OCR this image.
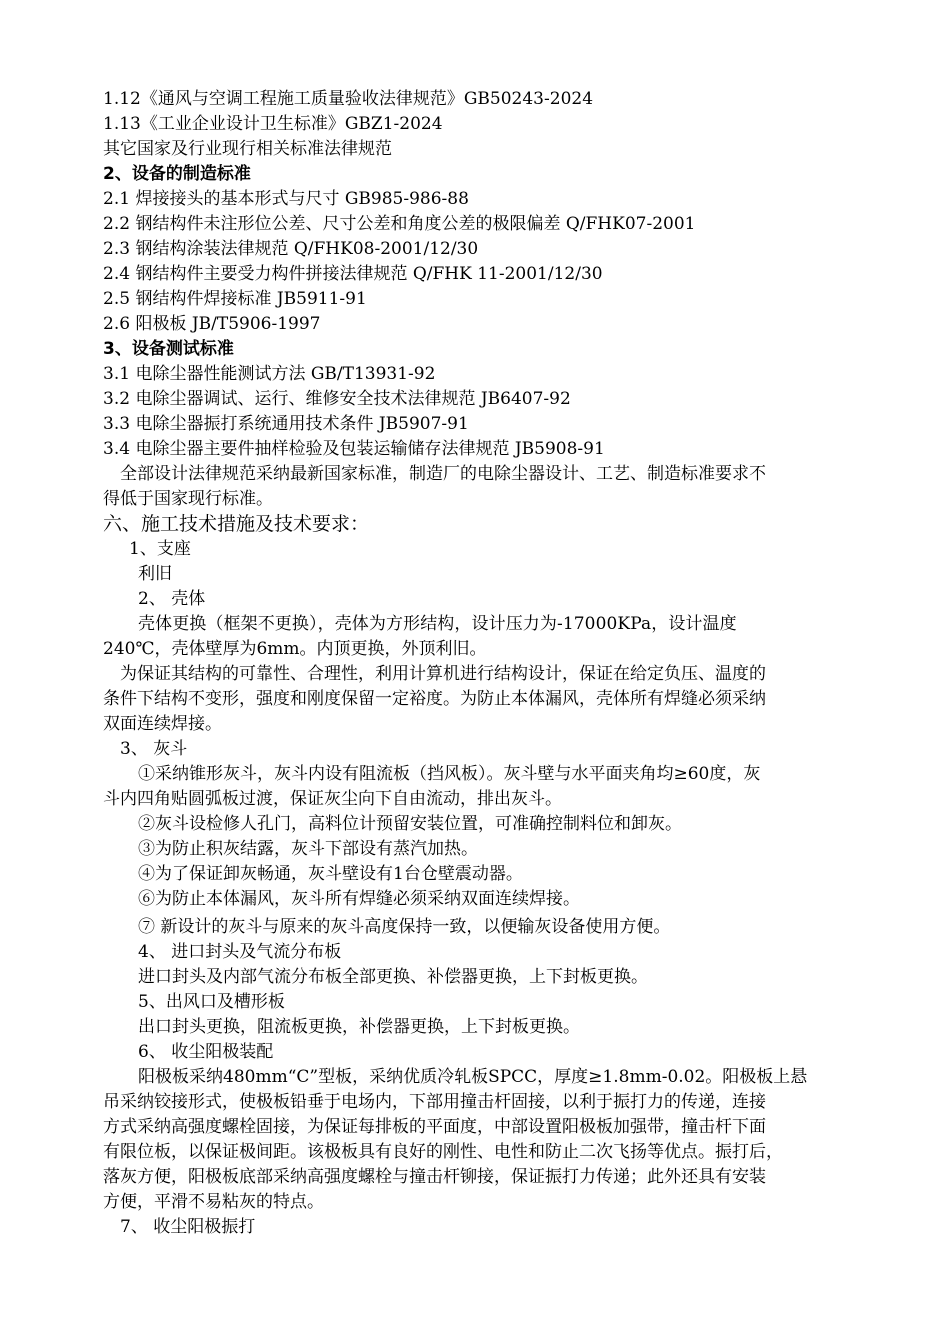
1.12《通风与空调工程施工质量验收法律规范》GB50243-2024
1.13《工业企业设计卫生标准》GBZ1-2024
其它国家及行业现行相关标准法律规范
2、设备的制造标准
2.1 焊接接头的基本形式与尺寸 GB985-986-88
2.2 钢结构件未注形位公差、尺寸公差和角度公差的极限偏差 Q/FHK07-2001
2.3 钢结构涂装法律规范 Q/FHK08-2001/12/30
2.4 钢结构件主要受力构件拼接法律规范 Q/FHK 11-2001/12/30
2.5 钢结构件焊接标准 JB5911-91
2.6 阳极板 JB/T5906-1997
3、设备测试标准
3.1 电除尘器性能测试方法 GB/T13931-92
3.2 电除尘器调试、运行、维修安全技术法律规范 JB6407-92
3.3 电除尘器振打系统通用技术条件 JB5907-91
3.4 电除尘器主要件抽样检验及包装运输储存法律规范 JB5908-91
全部设计法律规范采纳最新国家标准，制造厂的电除尘器设计、工艺、制造标准要求不
得低于国家现行标准。
六、施工技术措施及技术要求：
1、支座
利旧
2、 壳体
壳体更换（框架不更换），壳体为方形结构，设计压力为-17000KPa，设计温度
240℃，壳体壁厚为6mm。内顶更换，外顶利旧。
为保证其结构的可靠性、合理性，利用计算机进行结构设计，保证在给定负压、温度的
条件下结构不变形，强度和刚度保留一定裕度。为防止本体漏风，壳体所有焊缝必须采纳
双面连续焊接。
3、 灰斗
①采纳锥形灰斗，灰斗内设有阻流板（挡风板）。灰斗壁与水平面夹角均≥60度，灰
斗内四角贴圆弧板过渡，保证灰尘向下自由流动，排出灰斗。
②灰斗设检修人孔门，高料位计预留安装位置，可准确控制料位和卸灰。
③为防止积灰结露，灰斗下部设有蒸汽加热。
④为了保证卸灰畅通，灰斗壁设有1台仓壁震动器。
⑥为防止本体漏风，灰斗所有焊缝必须采纳双面连续焊接。
⑦ 新设计的灰斗与原来的灰斗高度保持一致，以便输灰设备使用方便。
4、 进口封头及气流分布板
进口封头及内部气流分布板全部更换、补偿器更换，上下封板更换。
5、出风口及槽形板
出口封头更换，阻流板更换，补偿器更换，上下封板更换。
6、 收尘阳极装配
阳极板采纳480mm“C”型板，采纳优质冷轧板SPCC，厚度≥1.8mm-0.02。阳极板上悬
吊采纳铰接形式，使极板铅垂于电场内，下部用撞击杆固接，以利于振打力的传递，连接
方式采纳高强度螺栓固接，为保证每排板的平面度，中部设置阳极板加强带，撞击杆下面
有限位板，以保证极间距。该极板具有良好的刚性、电性和防止二次飞扬等优点。振打后，
落灰方便，阳极板底部采纳高强度螺栓与撞击杆铆接，保证振打力传递；此外还具有安装
方便，平滑不易粘灰的特点。
7、 收尘阳极振打
